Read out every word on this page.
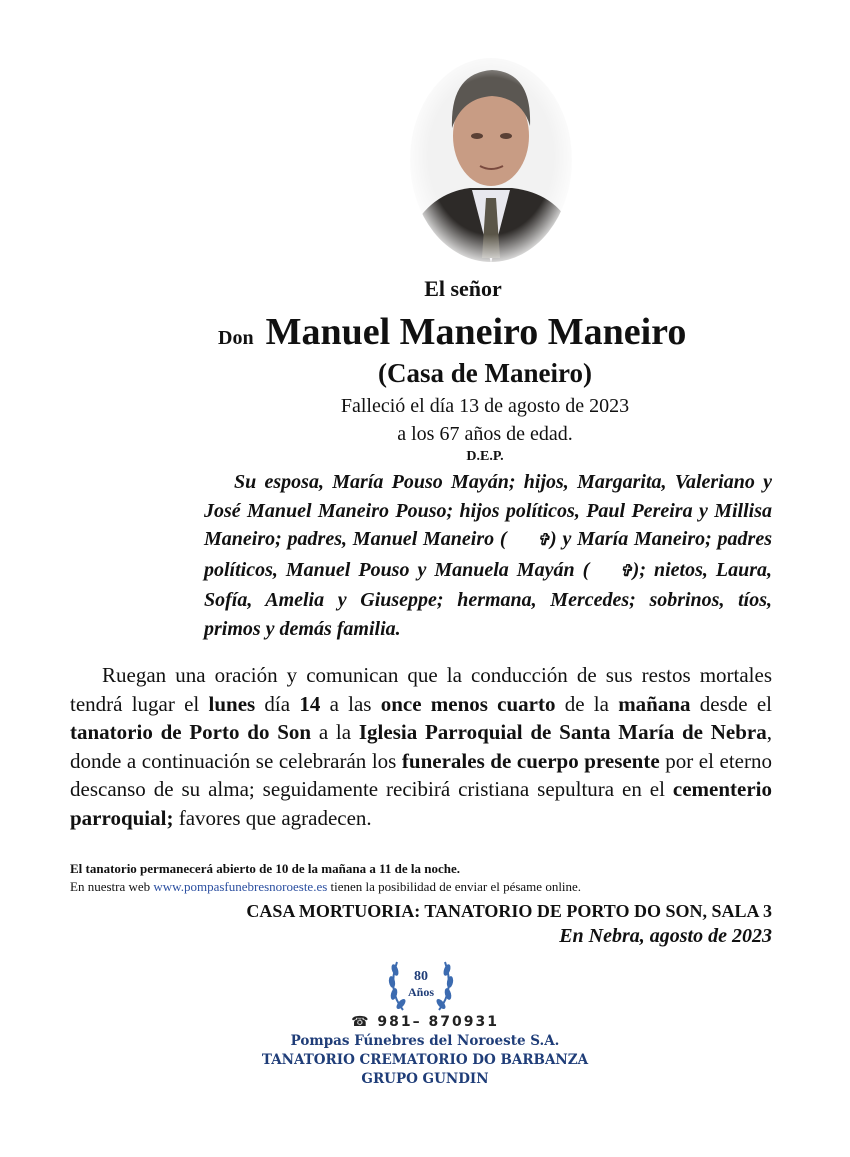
El señor
Don Manuel Maneiro Maneiro
(Casa de Maneiro)
Falleció el día 13 de agosto de 2023
a los 67 años de edad.
D.E.P.
Su esposa, María Pouso Mayán; hijos, Margarita, Valeriano y José Manuel Maneiro Pouso; hijos políticos, Paul Pereira y Millisa Maneiro; padres, Manuel Maneiro ( ✞) y María Maneiro; padres políticos, Manuel Pouso y Manuela Mayán ( ✞); nietos, Laura, Sofía, Amelia y Giuseppe; hermana, Mercedes; sobrinos, tíos, primos y demás familia.
Ruegan una oración y comunican que la conducción de sus restos mortales tendrá lugar el lunes día 14 a las once menos cuarto de la mañana desde el tanatorio de Porto do Son a la Iglesia Parroquial de Santa María de Nebra, donde a continuación se celebrarán los funerales de cuerpo presente por el eterno descanso de su alma; seguidamente recibirá cristiana sepultura en el cementerio parroquial; favores que agradecen.
El tanatorio permanecerá abierto de 10 de la mañana a 11 de la noche.
En nuestra web www.pompasfunebresnoroeste.es tienen la posibilidad de enviar el pésame online.
CASA MORTUORIA: TANATORIO DE PORTO DO SON, SALA 3
En Nebra, agosto de 2023
80
Años
☎ 981– 870931
Pompas Fúnebres del Noroeste S.A.
TANATORIO CREMATORIO DO BARBANZA
GRUPO GUNDIN
